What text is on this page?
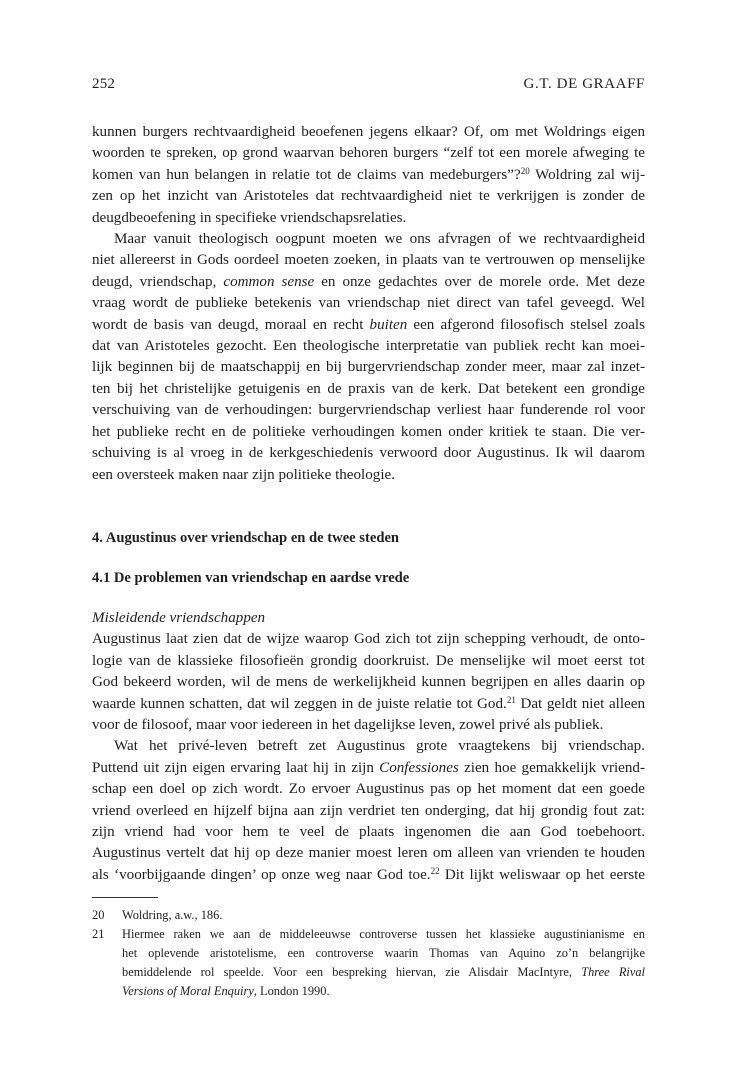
252	G.T. DE GRAAFF

kunnen burgers rechtvaardigheid beoefenen jegens elkaar? Of, om met Woldrings eigen
woorden te spreken, op grond waarvan behoren burgers “zelf tot een morele afweging te
komen van hun belangen in relatie tot de claims van medeburgers”?$^{20}$ Woldring zal wij-
zen op het inzicht van Aristoteles dat rechtvaardigheid niet te verkrijgen is zonder de
deugdbeoefening in specifieke vriendschapsrelaties.

Maar vanuit theologisch oogpunt moeten we ons afvragen of we rechtvaardigheid
niet allereerst in Gods oordeel moeten zoeken, in plaats van te vertrouwen op menselijke
deugd, vriendschap, common sense en onze gedachtes over de morele orde. Met deze
vraag wordt de publieke betekenis van vriendschap niet direct van tafel geveegd. Wel
wordt de basis van deugd, moraal en recht buiten een afgerond filosofisch stelsel zoals
dat van Aristoteles gezocht. Een theologische interpretatie van publiek recht kan moei-
lijk beginnen bij de maatschappij en bij burgervriendschap zonder meer, maar zal inzet-
ten bij het christelijke getuigenis en de praxis van de kerk. Dat betekent een grondige
verschuiving van de verhoudingen: burgervriendschap verliest haar funderende rol voor
het publieke recht en de politieke verhoudingen komen onder kritiek te staan. Die ver-
schuiving is al vroeg in de kerkgeschiedenis verwoord door Augustinus. Ik wil daarom
een oversteek maken naar zijn politieke theologie.

4. Augustinus over vriendschap en de twee steden
4.1 De problemen van vriendschap en aardse vrede
Misleidende vriendschappen

Augustinus laat zien dat de wijze waarop God zich tot zijn schepping verhoudt, de onto-
logie van de klassieke filosofieën grondig doorkruist. De menselijke wil moet eerst tot
God bekeerd worden, wil de mens de werkelijkheid kunnen begrijpen en alles daarin op
waarde kunnen schatten, dat wil zeggen in de juiste relatie tot God.$^{21}$ Dat geldt niet alleen
voor de filosoof, maar voor iedereen in het dagelijkse leven, zowel privé als publiek.

Wat het privé-leven betreft zet Augustinus grote vraagtekens bij vriendschap.
Puttend uit zijn eigen ervaring laat hij in zijn Confessiones zien hoe gemakkelijk vriend-
schap een doel op zich wordt. Zo ervoer Augustinus pas op het moment dat een goede
vriend overleed en hijzelf bijna aan zijn verdriet ten onderging, dat hij grondig fout zat:
zijn vriend had voor hem te veel de plaats ingenomen die aan God toebehoort.
Augustinus vertelt dat hij op deze manier moest leren om alleen van vrienden te houden
als ‘voorbijgaande dingen’ op onze weg naar God toe.$^{22}$ Dit lijkt weliswaar op het eerste

20 Woldring, a.w., 186.
21 Hiermee raken we aan de middeleeuwse controverse tussen het klassieke augustinianisme en
het oplevende aristotelisme, een controverse waarin Thomas van Aquino zo’n belangrijke
bemiddelende rol speelde. Voor een bespreking hiervan, zie Alisdair MacIntyre, Three Rival
Versions of Moral Enquiry, London 1990.
